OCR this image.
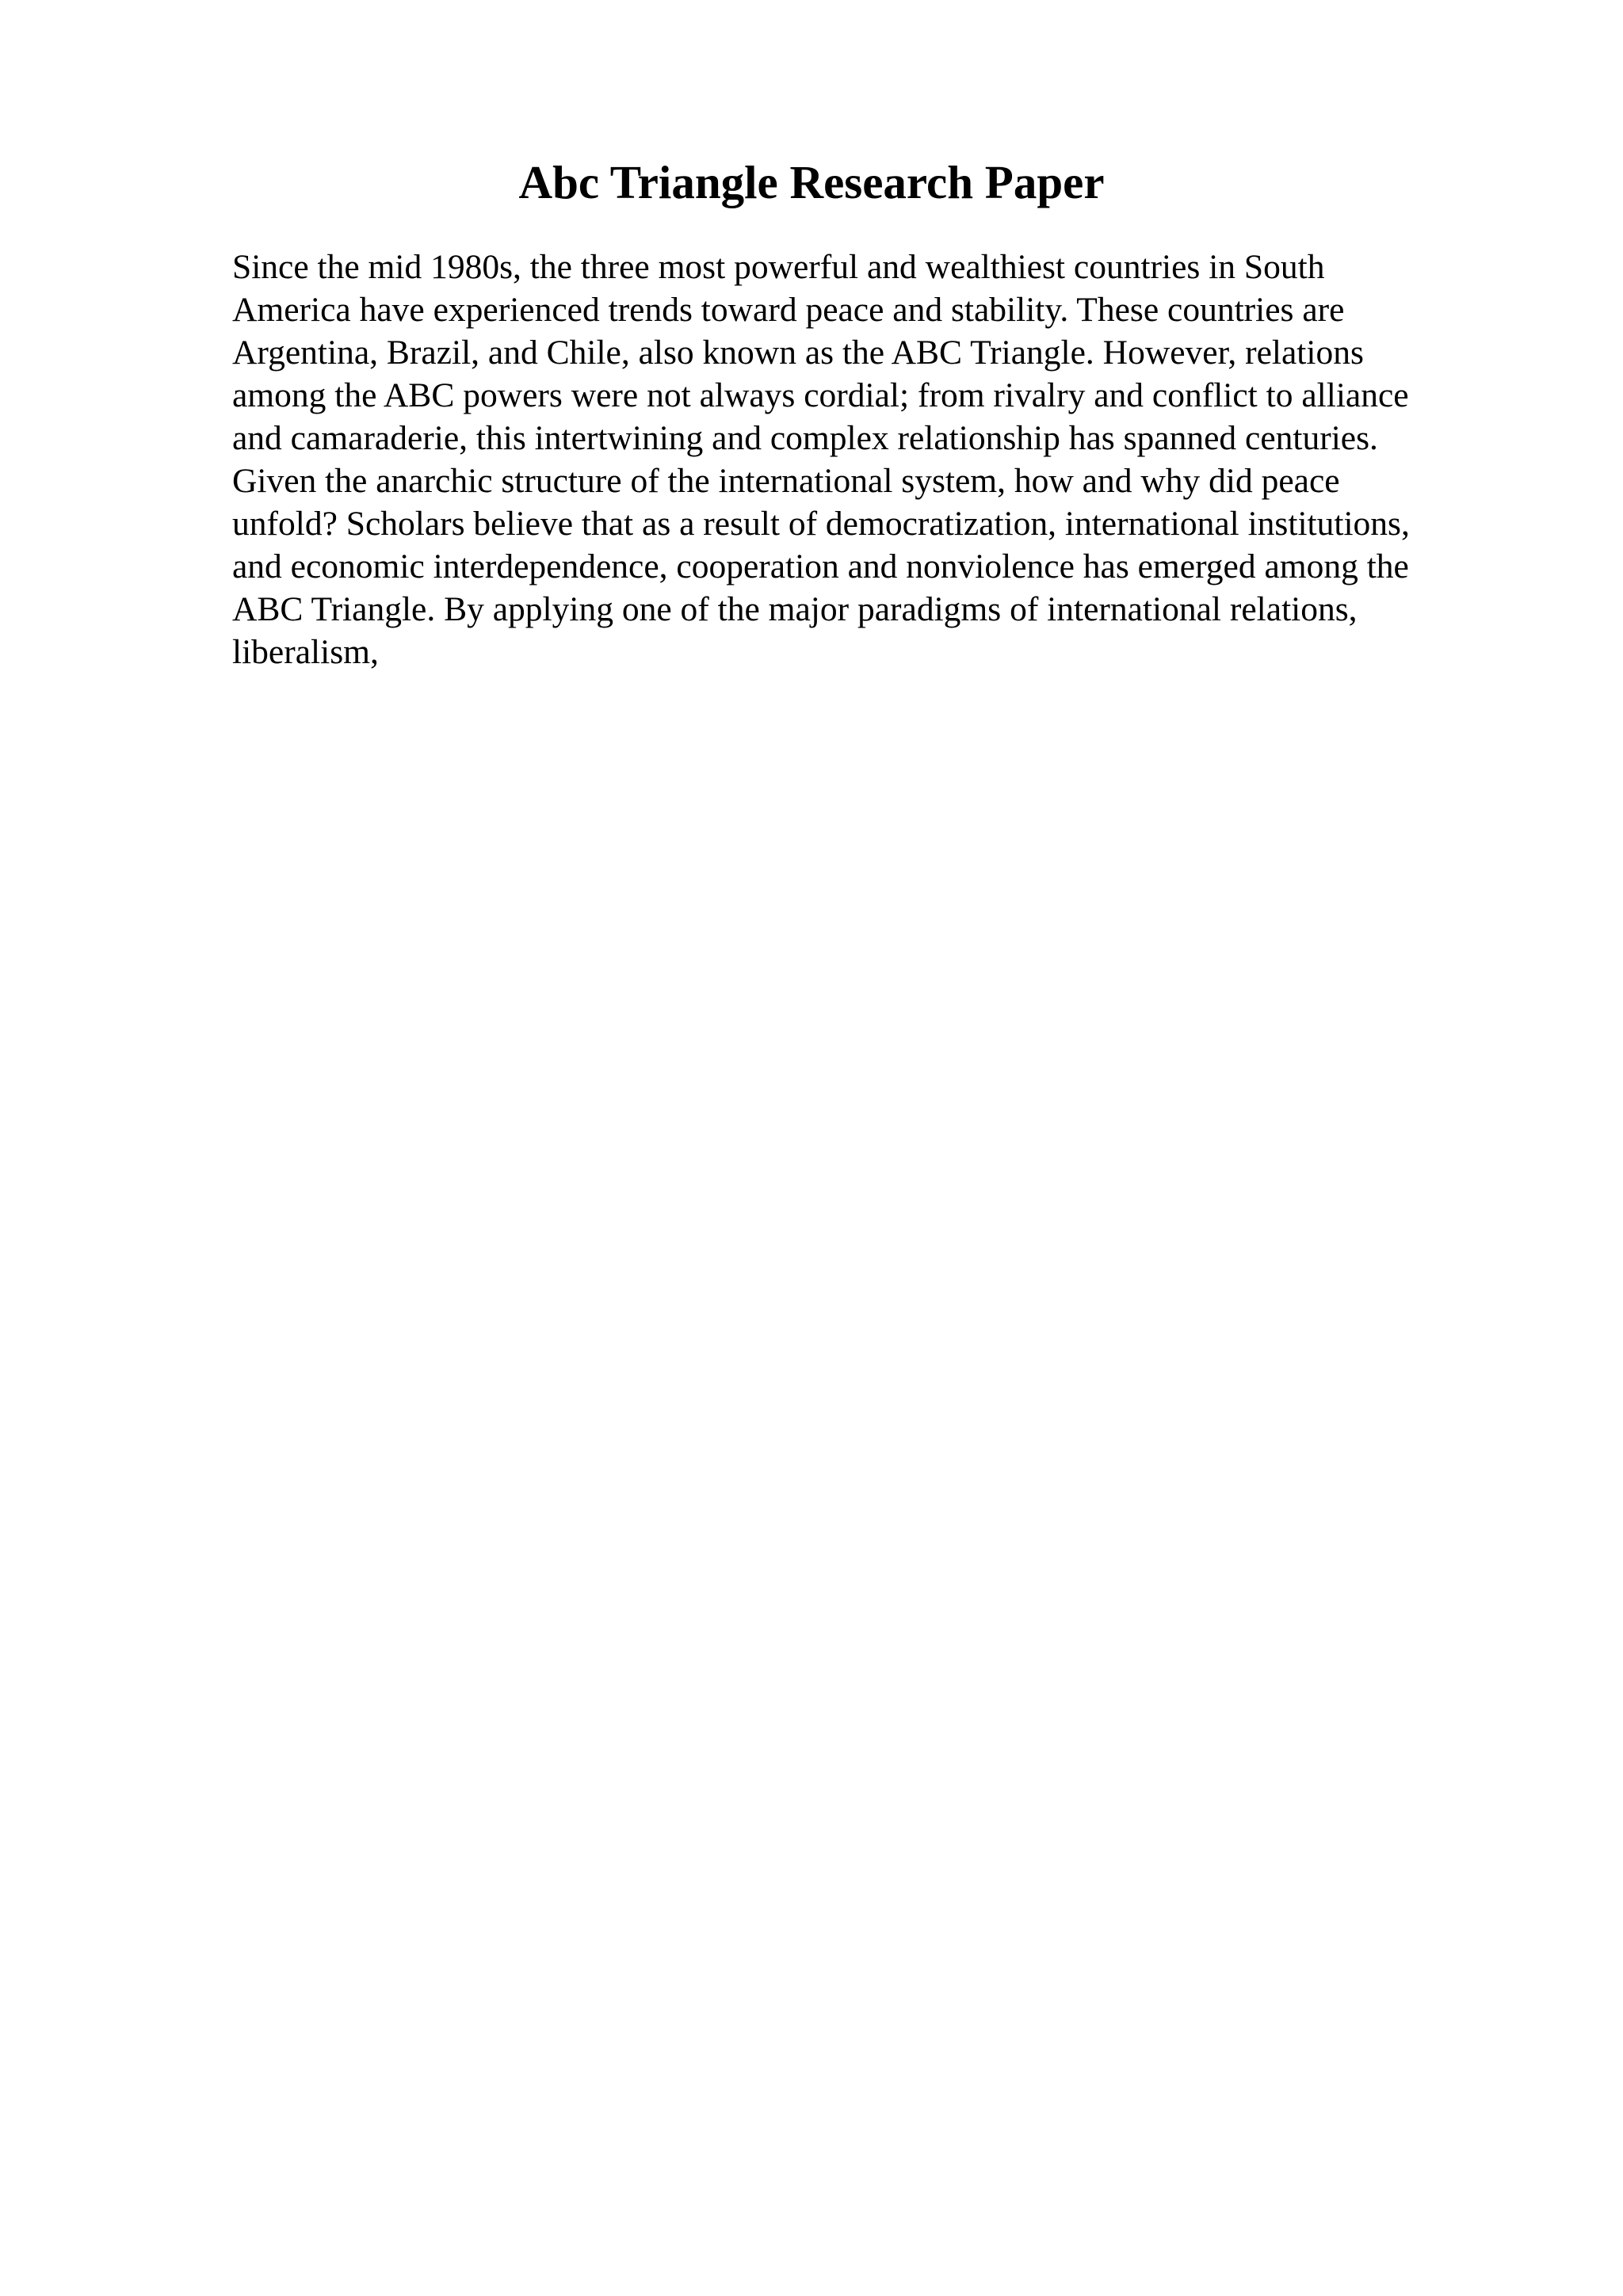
Abc Triangle Research Paper
Since the mid 1980s, the three most powerful and wealthiest countries in South
America have experienced trends toward peace and stability. These countries are
Argentina, Brazil, and Chile, also known as the ABC Triangle. However, relations
among the ABC powers were not always cordial; from rivalry and conflict to alliance
and camaraderie, this intertwining and complex relationship has spanned centuries.
Given the anarchic structure of the international system, how and why did peace
unfold? Scholars believe that as a result of democratization, international institutions,
and economic interdependence, cooperation and nonviolence has emerged among the
ABC Triangle. By applying one of the major paradigms of international relations,
liberalism,
